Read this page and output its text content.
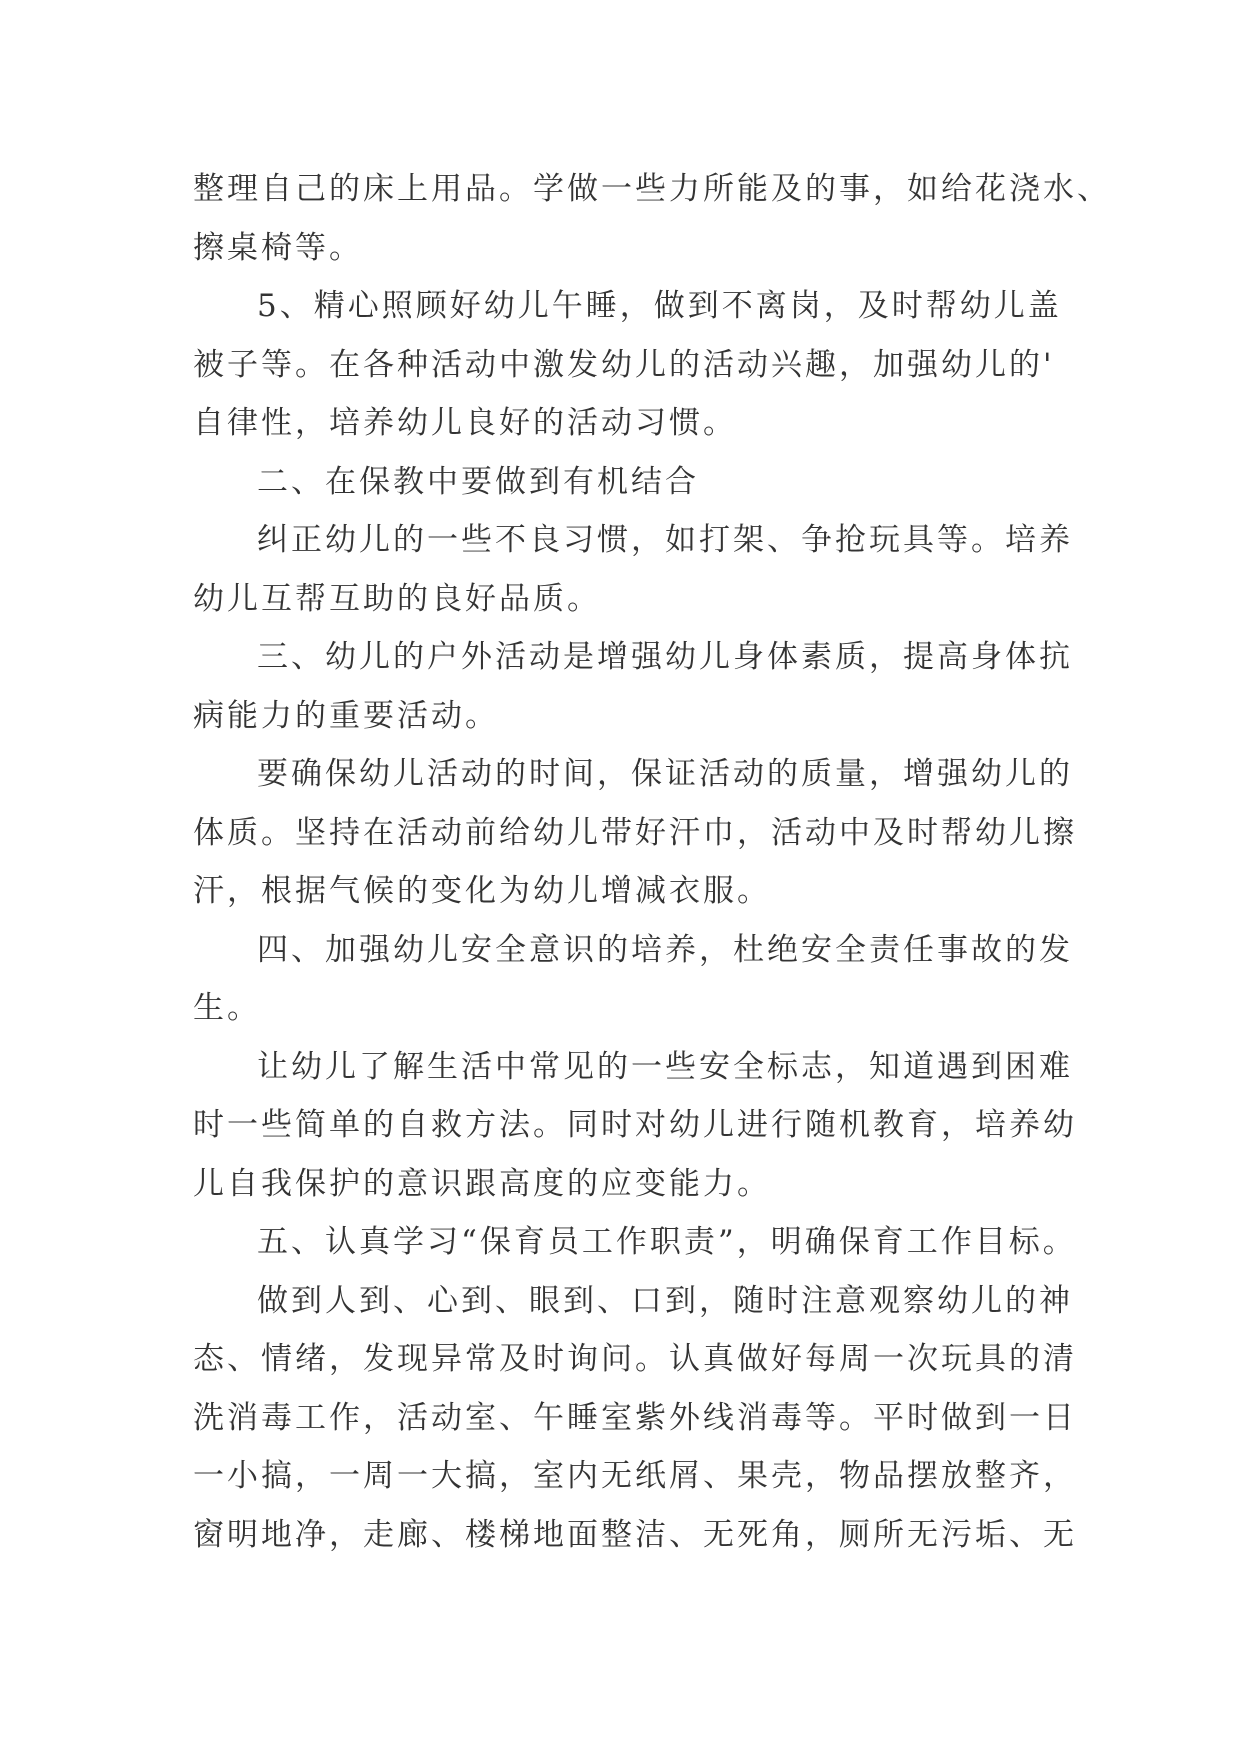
整理自己的床上用品。学做一些力所能及的事，如给花浇水、
擦桌椅等。
5、精心照顾好幼儿午睡，做到不离岗，及时帮幼儿盖
被子等。在各种活动中激发幼儿的活动兴趣，加强幼儿的'
自律性，培养幼儿良好的活动习惯。
二、在保教中要做到有机结合
纠正幼儿的一些不良习惯，如打架、争抢玩具等。培养
幼儿互帮互助的良好品质。
三、幼儿的户外活动是增强幼儿身体素质，提高身体抗
病能力的重要活动。
要确保幼儿活动的时间，保证活动的质量，增强幼儿的
体质。坚持在活动前给幼儿带好汗巾，活动中及时帮幼儿擦
汗，根据气候的变化为幼儿增减衣服。
四、加强幼儿安全意识的培养，杜绝安全责任事故的发
生。
让幼儿了解生活中常见的一些安全标志，知道遇到困难
时一些简单的自救方法。同时对幼儿进行随机教育，培养幼
儿自我保护的意识跟高度的应变能力。
五、认真学习“保育员工作职责”，明确保育工作目标。
做到人到、心到、眼到、口到，随时注意观察幼儿的神
态、情绪，发现异常及时询问。认真做好每周一次玩具的清
洗消毒工作，活动室、午睡室紫外线消毒等。平时做到一日
一小搞，一周一大搞，室内无纸屑、果壳，物品摆放整齐，
窗明地净，走廊、楼梯地面整洁、无死角，厕所无污垢、无
